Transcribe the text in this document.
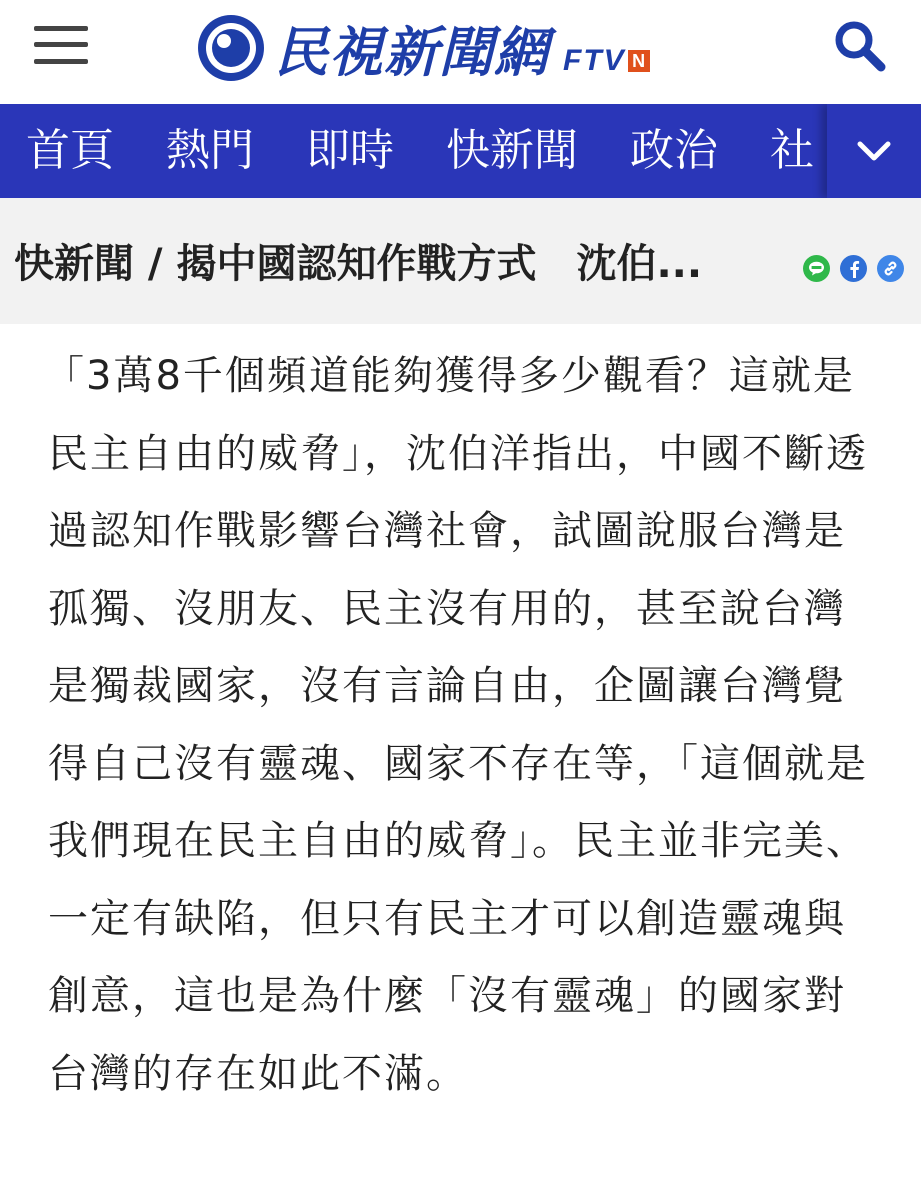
民視新聞網 FTV N
首頁	熱門	即時	快新聞	政治	社
快新聞 / 揭中國認知作戰方式　沈伯...

「3萬8千個頻道能夠獲得多少觀看？這就是民主自由的威脅」，沈伯洋指出，中國不斷透過認知作戰影響台灣社會，試圖說服台灣是孤獨、沒朋友、民主沒有用的，甚至說台灣是獨裁國家，沒有言論自由，企圖讓台灣覺得自己沒有靈魂、國家不存在等，「這個就是我們現在民主自由的威脅」。民主並非完美、一定有缺陷，但只有民主才可以創造靈魂與創意，這也是為什麼「沒有靈魂」的國家對台灣的存在如此不滿。
